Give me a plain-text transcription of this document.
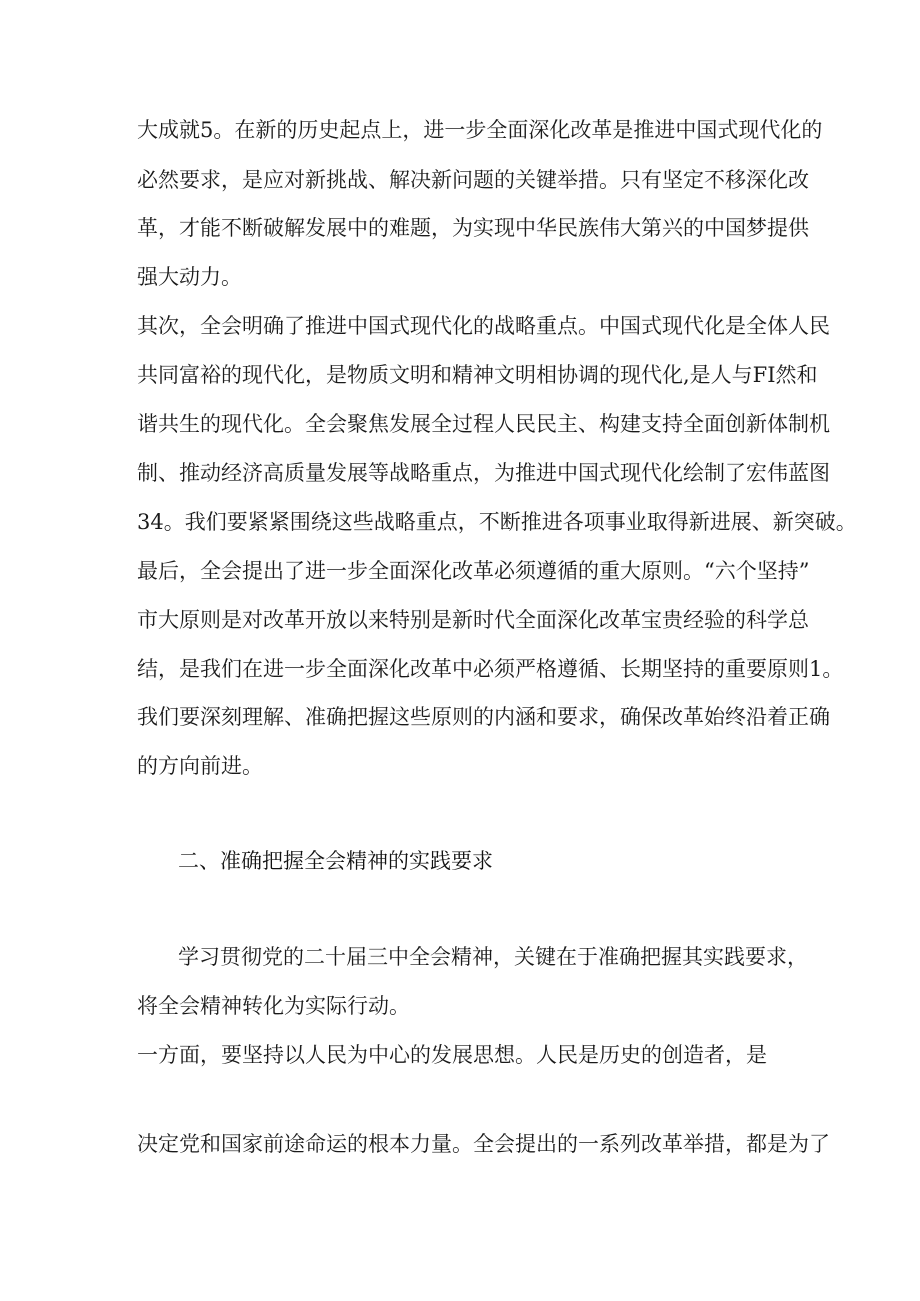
大成就5。在新的历史起点上，进一步全面深化改革是推进中国式现代化的
必然要求，是应对新挑战、解决新问题的关键举措。只有坚定不移深化改
革，才能不断破解发展中的难题，为实现中华民族伟大第兴的中国梦提供
强大动力。
其次，全会明确了推进中国式现代化的战略重点。中国式现代化是全体人民
共同富裕的现代化，是物质文明和精神文明相协调的现代化,是人与FI然和
谐共生的现代化。全会聚焦发展全过程人民民主、构建支持全面创新体制机
制、推动经济高质量发展等战略重点，为推进中国式现代化绘制了宏伟蓝图
34。我们要紧紧围绕这些战略重点，不断推进各项事业取得新进展、新突破。
最后，全会提出了进一步全面深化改革必须遵循的重大原则。“六个坚持”
市大原则是对改革开放以来特别是新时代全面深化改革宝贵经验的科学总
结，是我们在进一步全面深化改革中必须严格遵循、长期坚持的重要原则1。
我们要深刻理解、准确把握这些原则的内涵和要求，确保改革始终沿着正确
的方向前进。
二、准确把握全会精神的实践要求
学习贯彻党的二十届三中全会精神，关键在于准确把握其实践要求，
将全会精神转化为实际行动。
一方面，要坚持以人民为中心的发展思想。人民是历史的创造者，是
决定党和国家前途命运的根本力量。全会提出的一系列改革举措，都是为了
